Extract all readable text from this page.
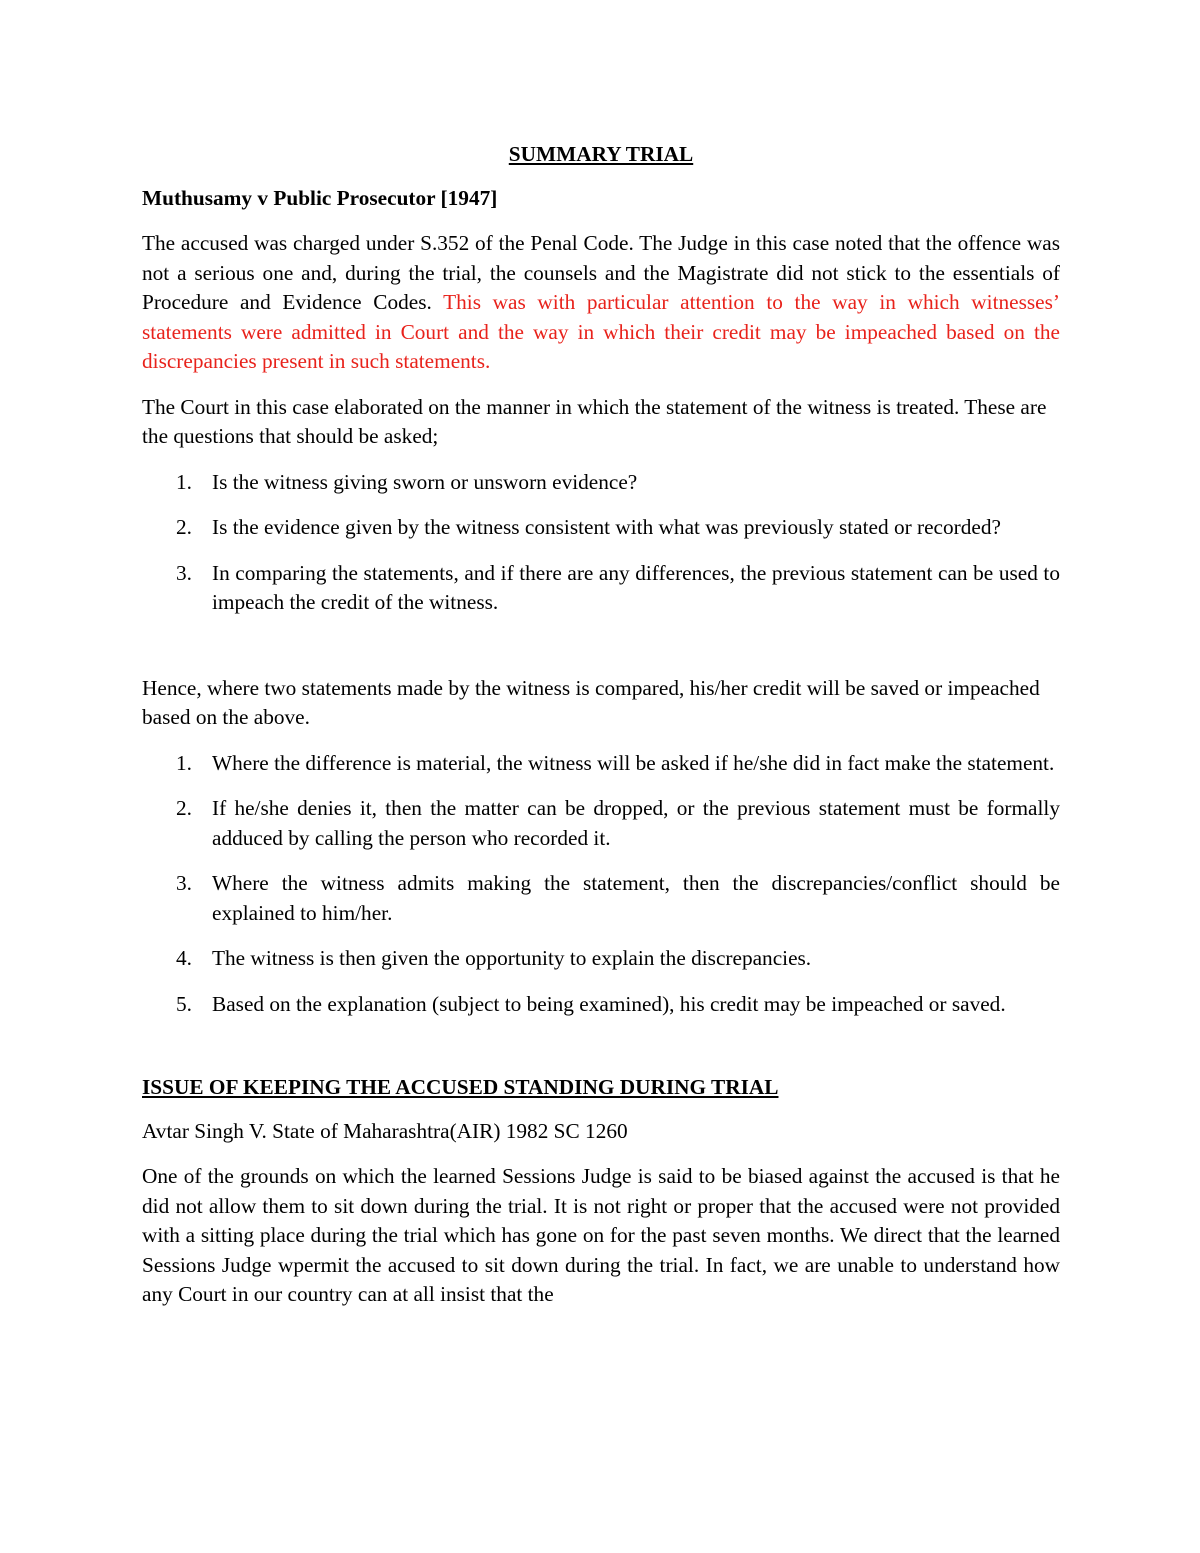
SUMMARY TRIAL

Muthusamy v Public Prosecutor [1947]

The accused was charged under S.352 of the Penal Code. The Judge in this case noted that the offence was not a serious one and, during the trial, the counsels and the Magistrate did not stick to the essentials of Procedure and Evidence Codes. This was with particular attention to the way in which witnesses’ statements were admitted in Court and the way in which their credit may be impeached based on the discrepancies present in such statements.

The Court in this case elaborated on the manner in which the statement of the witness is treated. These are the questions that should be asked;

1. Is the witness giving sworn or unsworn evidence?
2. Is the evidence given by the witness consistent with what was previously stated or recorded?
3. In comparing the statements, and if there are any differences, the previous statement can be used to impeach the credit of the witness.

Hence, where two statements made by the witness is compared, his/her credit will be saved or impeached based on the above.

1. Where the difference is material, the witness will be asked if he/she did in fact make the statement.
2. If he/she denies it, then the matter can be dropped, or the previous statement must be formally adduced by calling the person who recorded it.
3. Where the witness admits making the statement, then the discrepancies/conflict should be explained to him/her.
4. The witness is then given the opportunity to explain the discrepancies.
5. Based on the explanation (subject to being examined), his credit may be impeached or saved.

ISSUE OF KEEPING THE ACCUSED STANDING DURING TRIAL

Avtar Singh V. State of Maharashtra(AIR) 1982 SC 1260

One of the grounds on which the learned Sessions Judge is said to be biased against the accused is that he did not allow them to sit down during the trial. It is not right or proper that the accused were not provided with a sitting place during the trial which has gone on for the past seven months. We direct that the learned Sessions Judge wpermit the accused to sit down during the trial. In fact, we are unable to understand how any Court in our country can at all insist that the
